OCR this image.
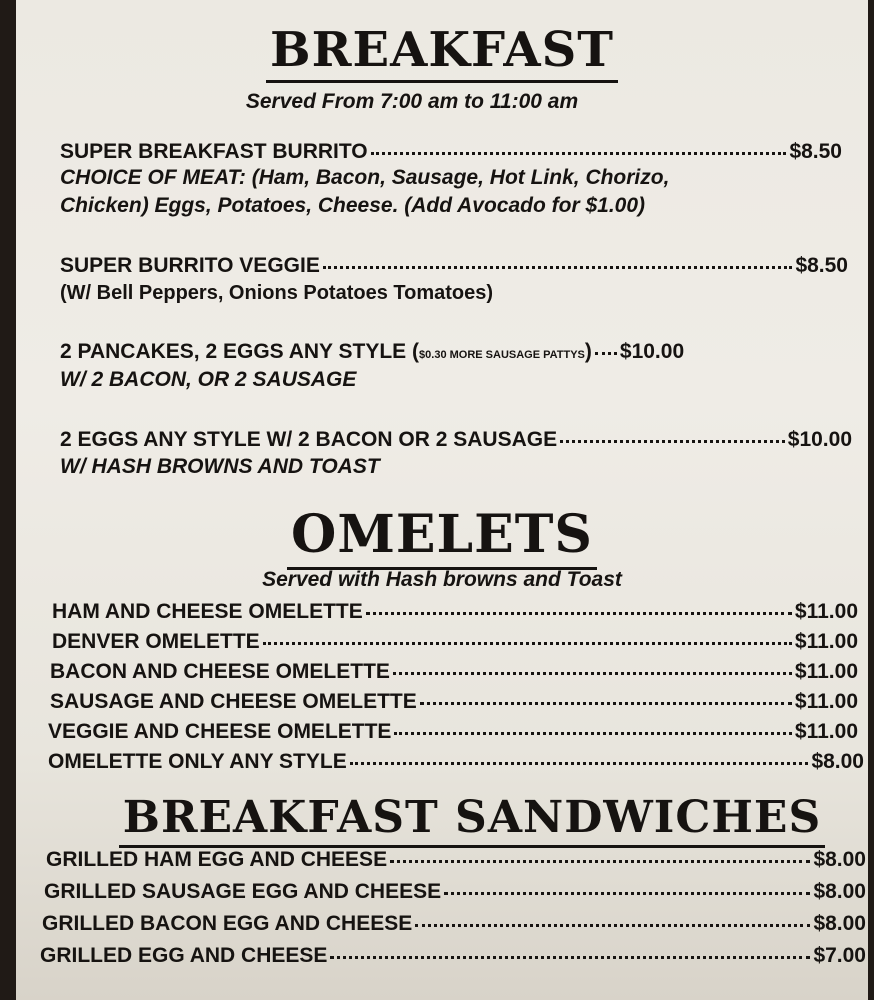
BREAKFAST
Served From 7:00 am to 11:00 am
SUPER BREAKFAST BURRITO	$8.50
CHOICE OF MEAT: (Ham, Bacon, Sausage, Hot Link, Chorizo,
Chicken) Eggs, Potatoes, Cheese. (Add Avocado for $1.00)
SUPER BURRITO VEGGIE	$8.50
(W/ Bell Peppers, Onions Potatoes Tomatoes)
2 PANCAKES, 2 EGGS ANY STYLE ( $0.30 MORE SAUSAGE PATTYS ) $10.00
W/ 2 BACON, OR 2 SAUSAGE
2 EGGS ANY STYLE W/ 2 BACON OR 2 SAUSAGE	$10.00
W/ HASH BROWNS AND TOAST
OMELETS
Served with Hash browns and Toast
HAM AND CHEESE OMELETTE	$11.00
DENVER OMELETTE	$11.00
BACON AND CHEESE OMELETTE	$11.00
SAUSAGE AND CHEESE OMELETTE	$11.00
VEGGIE AND CHEESE OMELETTE	$11.00
OMELETTE ONLY ANY STYLE	$8.00
BREAKFAST SANDWICHES
GRILLED HAM EGG AND CHEESE	$8.00
GRILLED SAUSAGE EGG AND CHEESE	$8.00
GRILLED BACON EGG AND CHEESE	$8.00
GRILLED EGG AND CHEESE	$7.00
